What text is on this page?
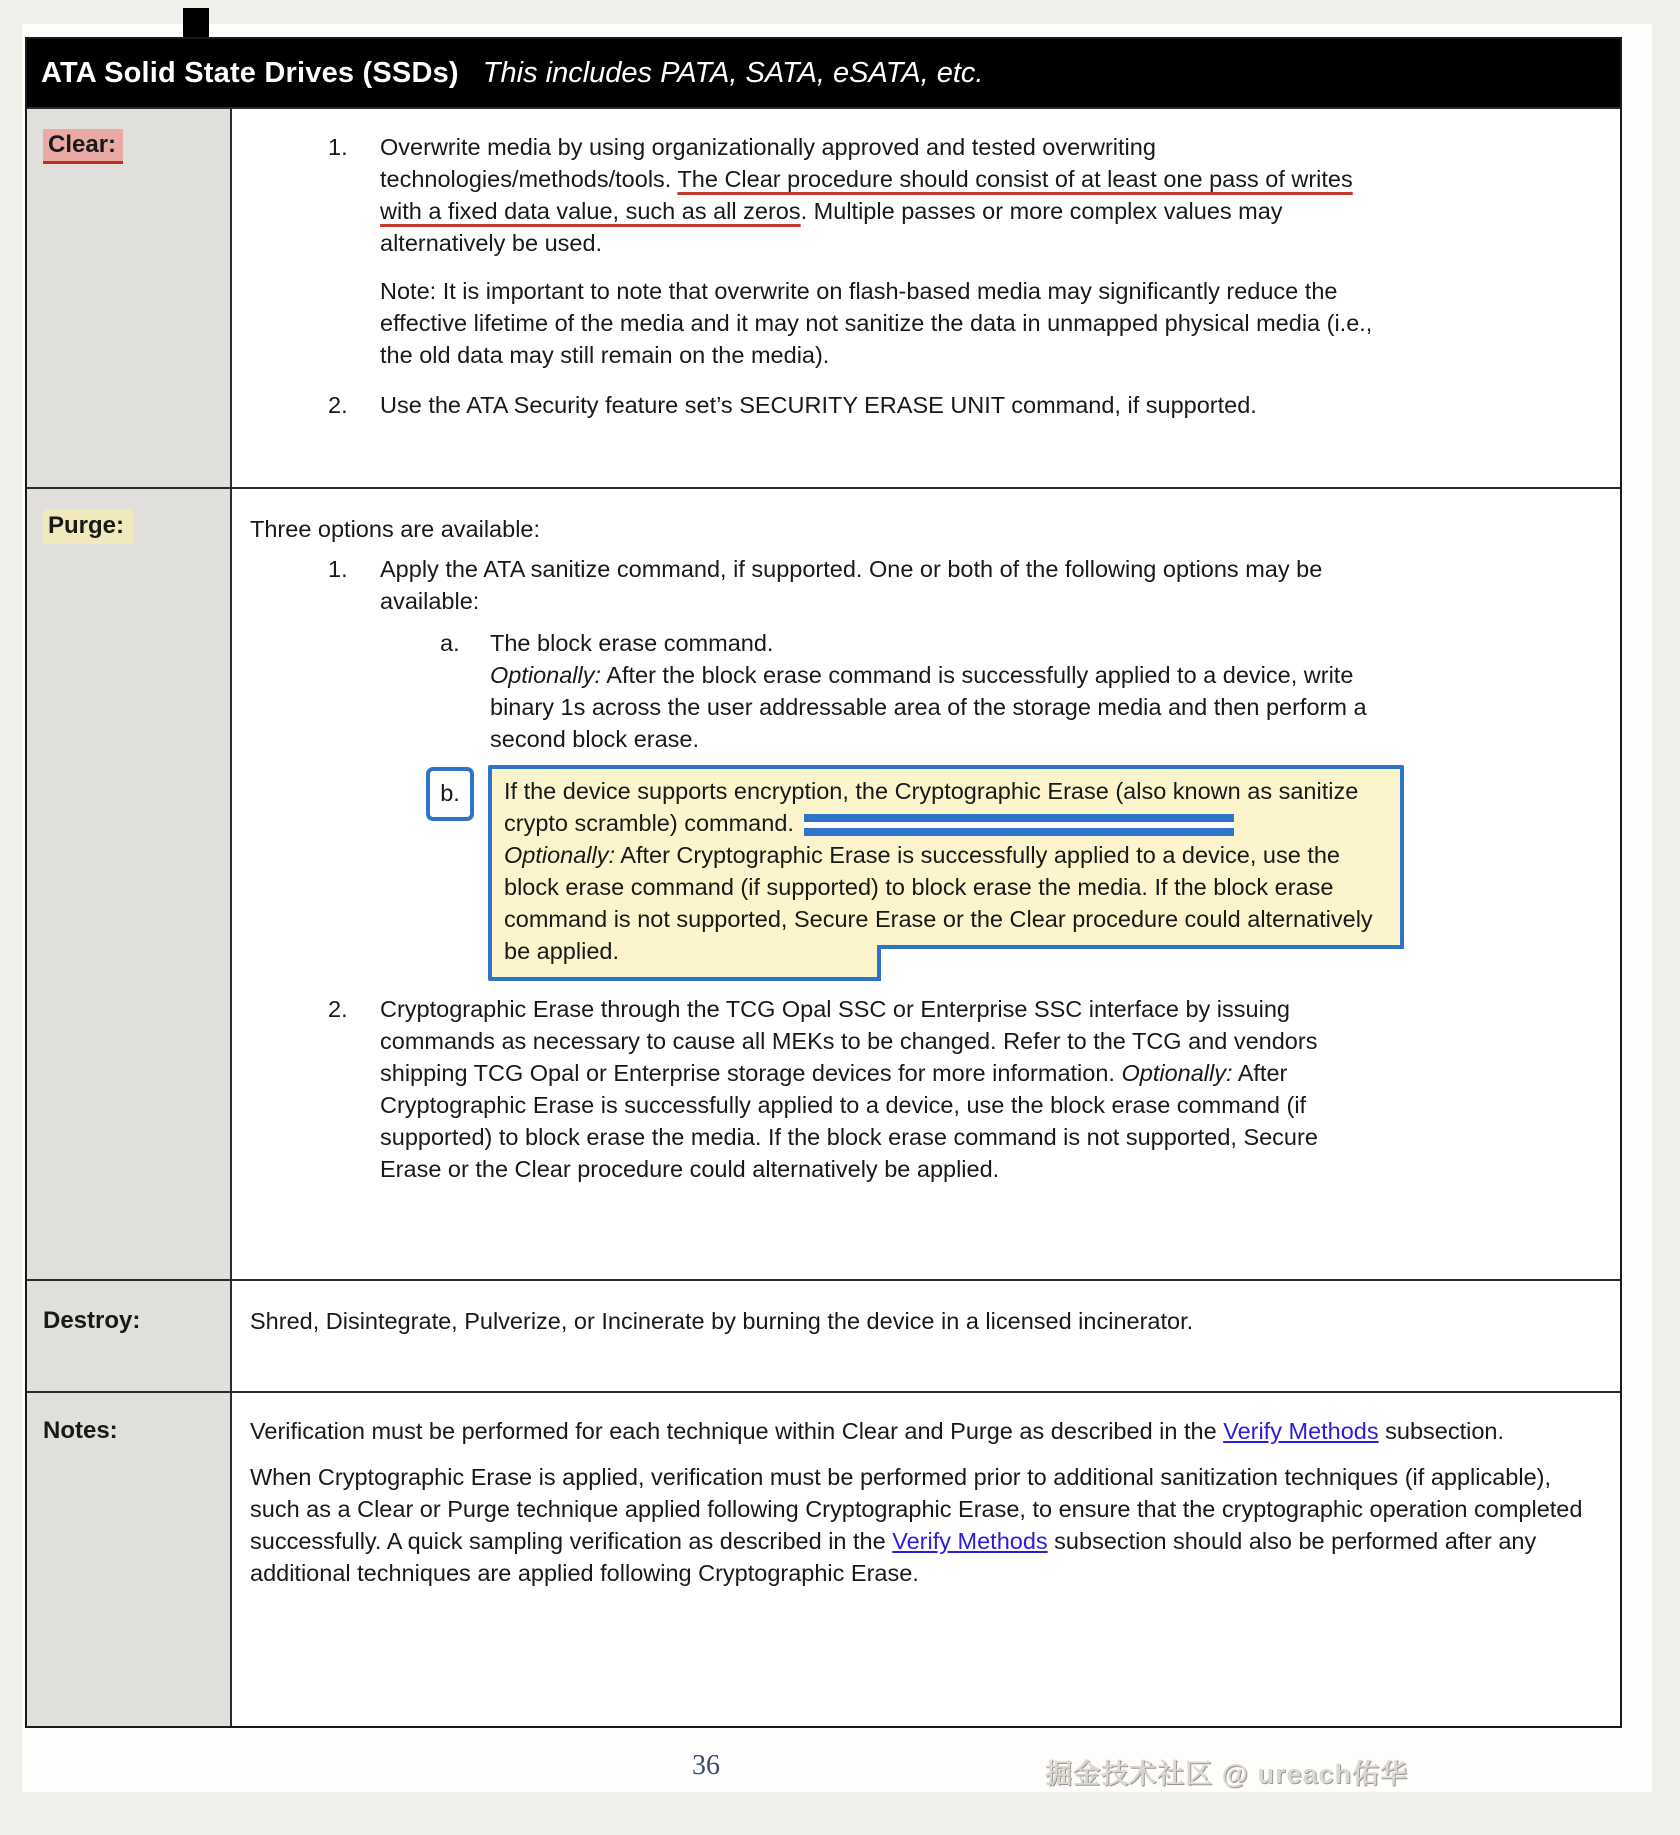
ATA Solid State Drives (SSDs) This includes PATA, SATA, eSATA, etc.
Clear:	1.	Overwrite media by using organizationally approved and tested overwriting technologies/methods/tools. The Clear procedure should consist of at least one pass of writes with a fixed data value, such as all zeros. Multiple passes or more complex values may alternatively be used.
Note: It is important to note that overwrite on flash-based media may significantly reduce the effective lifetime of the media and it may not sanitize the data in unmapped physical media (i.e., the old data may still remain on the media).
2.	Use the ATA Security feature set’s SECURITY ERASE UNIT command, if supported.
Purge:	Three options are available:
1.	Apply the ATA sanitize command, if supported. One or both of the following options may be available:
a.	The block erase command.
Optionally: After the block erase command is successfully applied to a device, write binary 1s across the user addressable area of the storage media and then perform a second block erase.
b.	If the device supports encryption, the Cryptographic Erase (also known as sanitize crypto scramble) command.
Optionally: After Cryptographic Erase is successfully applied to a device, use the block erase command (if supported) to block erase the media. If the block erase command is not supported, Secure Erase or the Clear procedure could alternatively be applied.
2.	Cryptographic Erase through the TCG Opal SSC or Enterprise SSC interface by issuing commands as necessary to cause all MEKs to be changed. Refer to the TCG and vendors shipping TCG Opal or Enterprise storage devices for more information. Optionally: After Cryptographic Erase is successfully applied to a device, use the block erase command (if supported) to block erase the media. If the block erase command is not supported, Secure Erase or the Clear procedure could alternatively be applied.
Destroy:	Shred, Disintegrate, Pulverize, or Incinerate by burning the device in a licensed incinerator.
Notes:	Verification must be performed for each technique within Clear and Purge as described in the Verify Methods subsection.
When Cryptographic Erase is applied, verification must be performed prior to additional sanitization techniques (if applicable), such as a Clear or Purge technique applied following Cryptographic Erase, to ensure that the cryptographic operation completed successfully. A quick sampling verification as described in the Verify Methods subsection should also be performed after any additional techniques are applied following Cryptographic Erase.
36	掘金技术社区 @ ureach佑华
